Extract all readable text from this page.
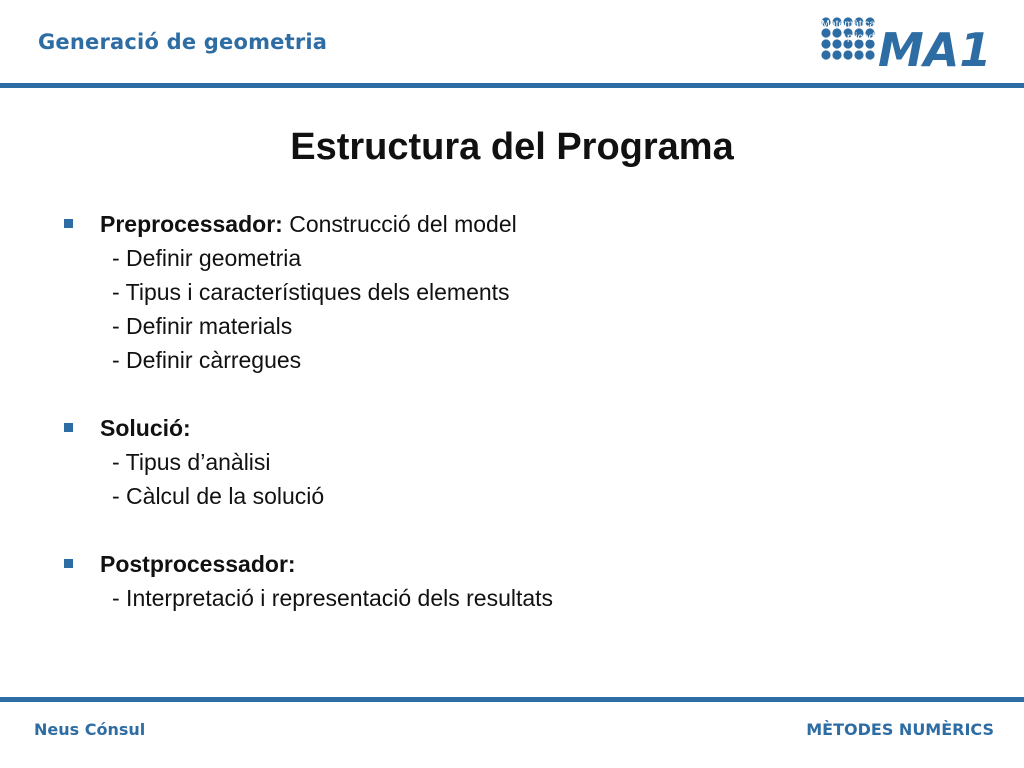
Generació de geometria
Matemàtica
Aplicada
MA1
Estructura del Programa
Preprocessador: Construcció del model
- Definir geometria
- Tipus i característiques dels elements
- Definir materials
- Definir càrregues
Solució:
- Tipus d’anàlisi
- Càlcul de la solució
Postprocessador:
- Interpretació i representació dels resultats
Neus Cónsul	MÈTODES NUMÈRICS
